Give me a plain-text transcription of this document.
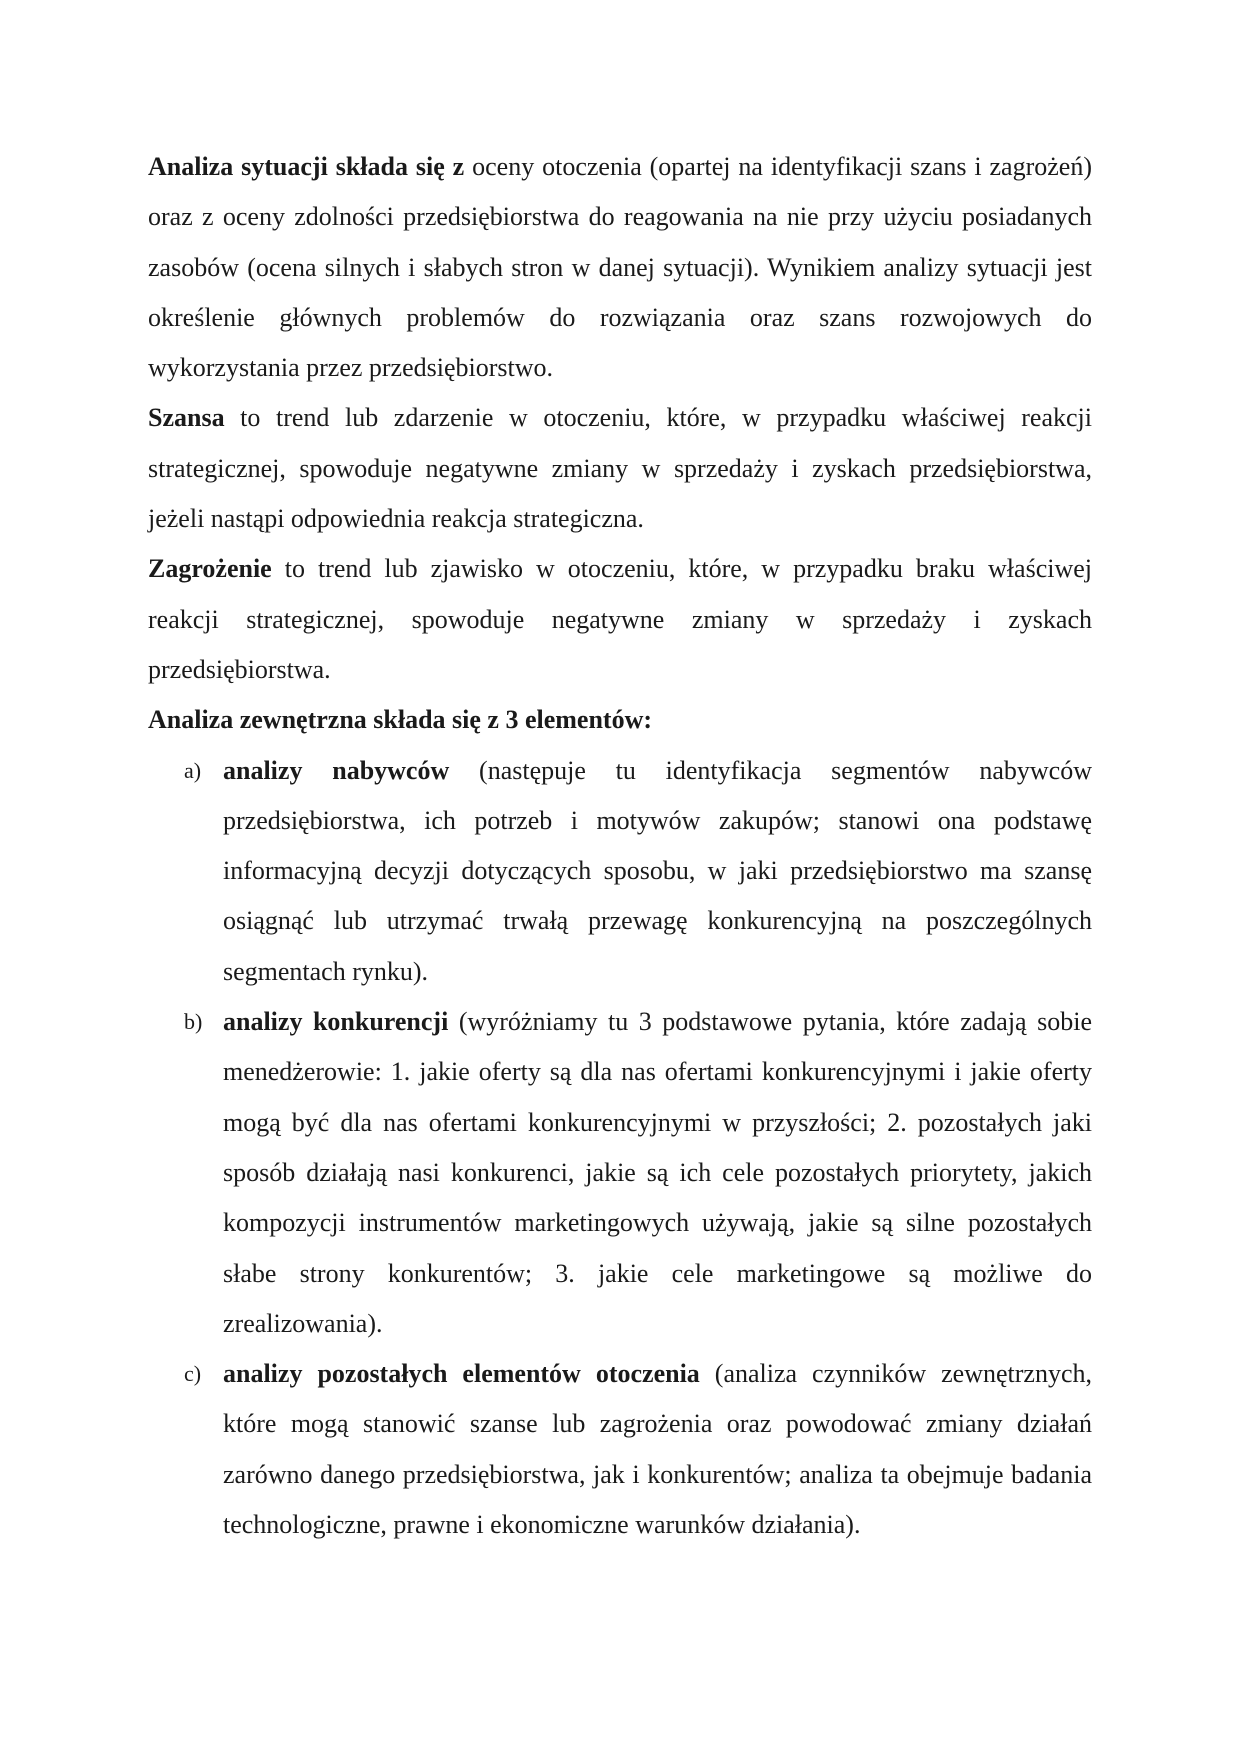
Analiza sytuacji składa się z oceny otoczenia (opartej na identyfikacji szans i zagrożeń) oraz z oceny zdolności przedsiębiorstwa do reagowania na nie przy użyciu posiadanych zasobów (ocena silnych i słabych stron w danej sytuacji). Wynikiem analizy sytuacji jest określenie głównych problemów do rozwiązania oraz szans rozwojowych do wykorzystania przez przedsiębiorstwo.

Szansa to trend lub zdarzenie w otoczeniu, które, w przypadku właściwej reakcji strategicznej, spowoduje negatywne zmiany w sprzedaży i zyskach przedsiębiorstwa, jeżeli nastąpi odpowiednia reakcja strategiczna.

Zagrożenie to trend lub zjawisko w otoczeniu, które, w przypadku braku właściwej reakcji strategicznej, spowoduje negatywne zmiany w sprzedaży i zyskach przedsiębiorstwa.

Analiza zewnętrzna składa się z 3 elementów:

a) analizy nabywców (następuje tu identyfikacja segmentów nabywców przedsiębiorstwa, ich potrzeb i motywów zakupów; stanowi ona podstawę informacyjną decyzji dotyczących sposobu, w jaki przedsiębiorstwo ma szansę osiągnąć lub utrzymać trwałą przewagę konkurencyjną na poszczególnych segmentach rynku).
b) analizy konkurencji (wyróżniamy tu 3 podstawowe pytania, które zadają sobie menedżerowie: 1. jakie oferty są dla nas ofertami konkurencyjnymi i jakie oferty mogą być dla nas ofertami konkurencyjnymi w przyszłości; 2. pozostałych jaki sposób działają nasi konkurenci, jakie są ich cele pozostałych priorytety, jakich kompozycji instrumentów marketingowych używają, jakie są silne pozostałych słabe strony konkurentów; 3. jakie cele marketingowe są możliwe do zrealizowania).
c) analizy pozostałych elementów otoczenia (analiza czynników zewnętrznych, które mogą stanowić szanse lub zagrożenia oraz powodować zmiany działań zarówno danego przedsiębiorstwa, jak i konkurentów; analiza ta obejmuje badania technologiczne, prawne i ekonomiczne warunków działania).
